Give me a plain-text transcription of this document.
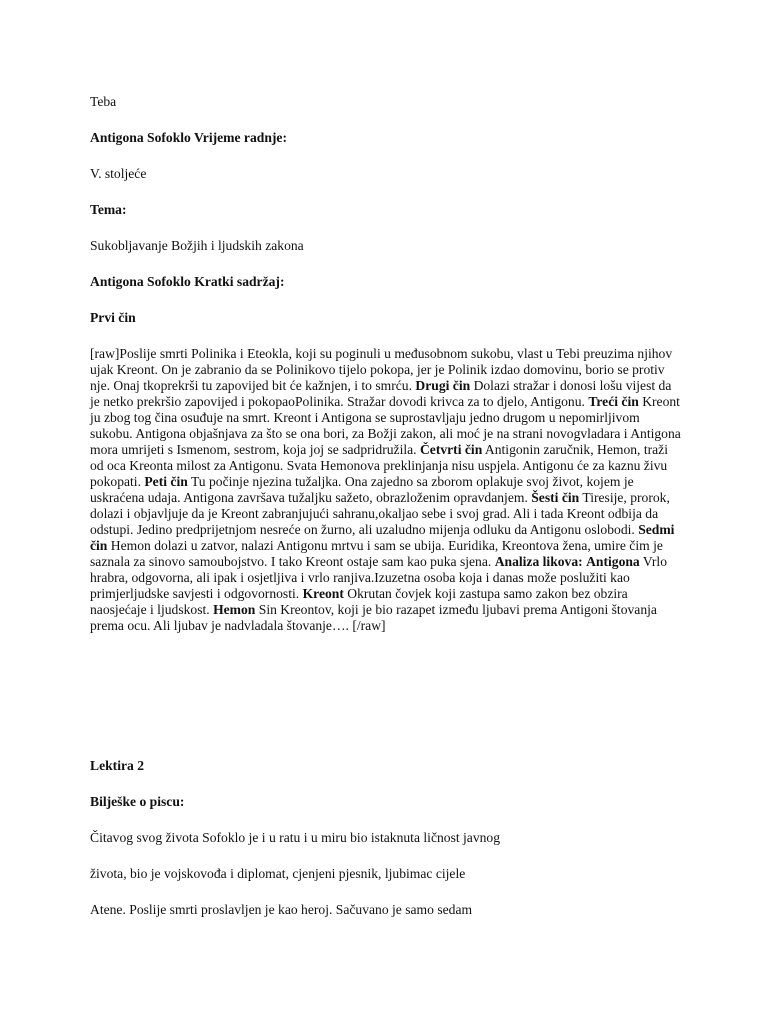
Teba

Antigona Sofoklo Vrijeme radnje:

V. stoljeće

Tema:

Sukobljavanje Božjih i ljudskih zakona

Antigona Sofoklo Kratki sadržaj:

Prvi čin

[raw]Poslije smrti Polinika i Eteokla, koji su poginuli u međusobnom sukobu, vlast u Tebi preuzima njihov ujak Kreont. On je zabranio da se Polinikovo tijelo pokopa, jer je Polinik izdao domovinu, borio se protiv nje. Onaj tkoprekrši tu zapovijed bit će kažnjen, i to smrću. Drugi čin Dolazi stražar i donosi lošu vijest da je netko prekršio zapovijed i pokopaoPolinika. Stražar dovodi krivca za to djelo, Antigonu. Treći čin Kreont ju zbog tog čina osuđuje na smrt. Kreont i Antigona se suprostavljaju jedno drugom u nepomirljivom sukobu. Antigona objašnjava za što se ona bori, za Božji zakon, ali moć je na strani novogvladara i Antigona mora umrijeti s Ismenom, sestrom, koja joj se sadpridružila. Četvrti čin Antigonin zaručnik, Hemon, traži od oca Kreonta milost za Antigonu. Svata Hemonova preklinjanja nisu uspjela. Antigonu će za kaznu živu pokopati. Peti čin Tu počinje njezina tužaljka. Ona zajedno sa zborom oplakuje svoj život, kojem je uskraćena udaja. Antigona završava tužaljku sažeto, obrazloženim opravdanjem. Šesti čin Tiresije, prorok, dolazi i objavljuje da je Kreont zabranjujući sahranu,okaljao sebe i svoj grad. Ali i tada Kreont odbija da odstupi. Jedino predprijetnjom nesreće on žurno, ali uzaludno mijenja odluku da Antigonu oslobodi. Sedmi čin Hemon dolazi u zatvor, nalazi Antigonu mrtvu i sam se ubija. Euridika, Kreontova žena, umire čim je saznala za sinovo samoubojstvo. I tako Kreont ostaje sam kao puka sjena. Analiza likova: Antigona Vrlo hrabra, odgovorna, ali ipak i osjetljiva i vrlo ranjiva.Izuzetna osoba koja i danas može poslužiti kao primjerljudske savjesti i odgovornosti. Kreont Okrutan čovjek koji zastupa samo zakon bez obzira naosjećaje i ljudskost. Hemon Sin Kreontov, koji je bio razapet između ljubavi prema Antigoni štovanja prema ocu. Ali ljubav je nadvladala štovanje…. [/raw]

Lektira 2

Bilješke o piscu:

Čitavog svog života Sofoklo je i u ratu i u miru bio istaknuta ličnost javnog

života, bio je vojskovođa i diplomat, cjenjeni pjesnik, ljubimac cijele

Atene. Poslije smrti proslavljen je kao heroj. Sačuvano je samo sedam
